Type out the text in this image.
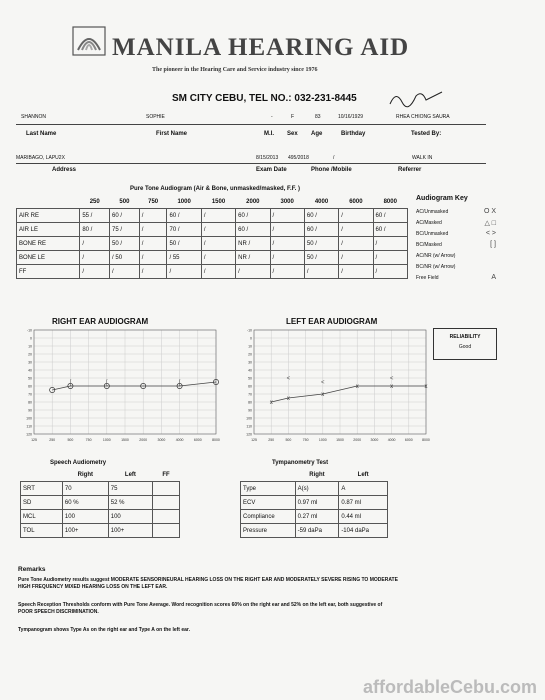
MANILA HEARING AID
The pioneer in the Hearing Care and Service industry since 1976
SM CITY CEBU, TEL NO.: 032-231-8445
SHANNON	SOPHIE	-	F	83	10/16/1929	RHEA CHIONG SAURA
Last Name	First Name	M.I. Sex Age	Birthday	Tested By:
MARIBAGO, LAPU2X	8/15/2013 495/2018	/	WALK IN
Address	Exam Date	Phone /Mobile	Referrer
Pure Tone Audiogram (Air & Bone, unmasked/masked, F.F. )
	250	500	750	1000	1500	2000	3000	4000	6000	8000
AIR RE	55 /	60 /	/	60 /	/	60 /	/	60 /	/	60 /
AIR LE	80 /	75 /	/	70 /	/	60 /	/	60 /	/	60 /
BONE RE	/	50 /	/	50 /	/	NR /	/	50 /	/	/
BONE LE	/	/ 50	/	/ 55	/	NR /	/	50 /	/	/
FF	/	/	/	/	/	/	/	/	/	/
Audiogram Key
AC/Unmasked	O X
AC/Masked	△ □
BC/Unmasked	< >
BC/Masked	[ ]
AC/NR (w/ Arrow)
BC/NR (w/ Arrow)
Free Field	A
RIGHT EAR AUDIOGRAM
-10
0
10
20
30
40
50
60
70
80
90
100
110
120
125	250	500	750	1000	1500	2000	3000	4000	6000	8000
[	[	[
LEFT EAR AUDIOGRAM
-10
0
10
20
30
40
50
60
70
80
90
100
110
120
125	250	500	750	1000	1500	2000	3000	4000	6000	8000
x
x
x
x	x	x
<
<
<
RELIABILITY
Good
Speech Audiometry
	Right	Left	FF
SRT	70	75	
SD	60 %	52 %	
MCL	100	100	
TOL	100+	100+	
Tympanometry Test
	Right	Left
Type	A(s)	A
ECV	0.97 ml	0.87 ml
Compliance	0.27 ml	0.44 ml
Pressure	-59 daPa	-104 daPa
Remarks
Pure Tone Audiometry results suggest MODERATE SENSORINEURAL HEARING LOSS ON THE RIGHT EAR AND MODERATELY SEVERE RISING TO MODERATE HIGH FREQUENCY MIXED HEARING LOSS ON THE LEFT EAR.
Speech Reception Thresholds conform with Pure Tone Average. Word recognition scores 60% on the right ear and 52% on the left ear, both suggestive of POOR SPEECH DISCRIMINATION.
Tympanogram shows Type As on the right ear and Type A on the left ear.
affordableCebu.com
